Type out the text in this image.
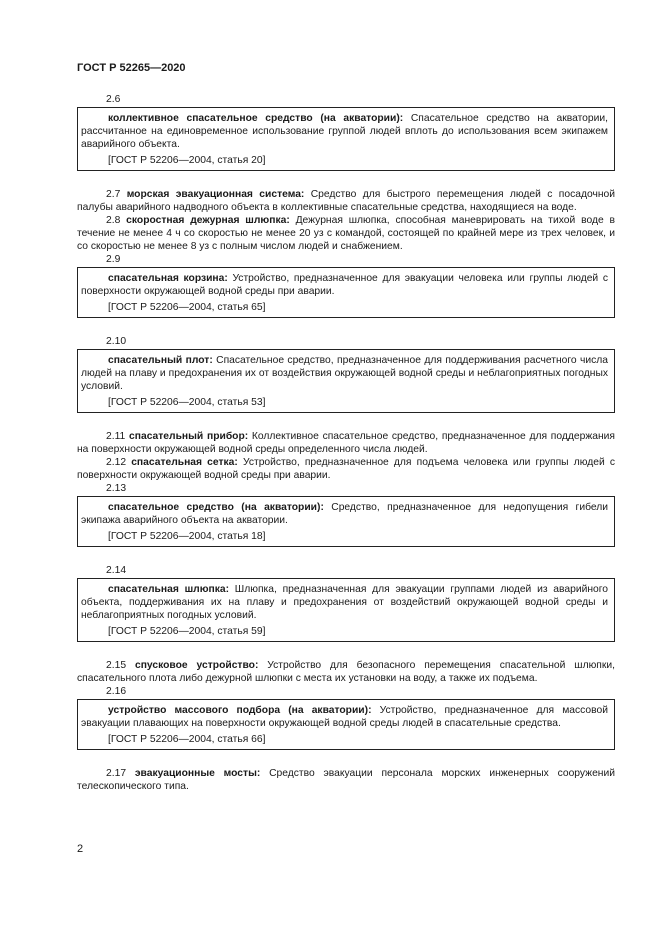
ГОСТ Р 52265—2020
2.6

коллективное спасательное средство (на акватории): Спасательное средство на акватории, рассчитанное на единовременное использование группой людей вплоть до использования всем экипажем аварийного объекта.

[ГОСТ Р 52206—2004, статья 20]

2.7 морская эвакуационная система: Средство для быстрого перемещения людей с посадочной палубы аварийного надводного объекта в коллективные спасательные средства, находящиеся на воде.

2.8 скоростная дежурная шлюпка: Дежурная шлюпка, способная маневрировать на тихой воде в течение не менее 4 ч со скоростью не менее 20 уз с командой, состоящей по крайней мере из трех человек, и со скоростью не менее 8 уз с полным числом людей и снабжением.

2.9

спасательная корзина: Устройство, предназначенное для эвакуации человека или группы людей с поверхности окружающей водной среды при аварии.

[ГОСТ Р 52206—2004, статья 65]

2.10

спасательный плот: Спасательное средство, предназначенное для поддерживания расчетного числа людей на плаву и предохранения их от воздействия окружающей водной среды и неблагоприятных погодных условий.

[ГОСТ Р 52206—2004, статья 53]

2.11 спасательный прибор: Коллективное спасательное средство, предназначенное для поддержания на поверхности окружающей водной среды определенного числа людей.

2.12 спасательная сетка: Устройство, предназначенное для подъема человека или группы людей с поверхности окружающей водной среды при аварии.

2.13

спасательное средство (на акватории): Средство, предназначенное для недопущения гибели экипажа аварийного объекта на акватории.

[ГОСТ Р 52206—2004, статья 18]

2.14

спасательная шлюпка: Шлюпка, предназначенная для эвакуации группами людей из аварийного объекта, поддерживания их на плаву и предохранения от воздействий окружающей водной среды и неблагоприятных погодных условий.

[ГОСТ Р 52206—2004, статья 59]

2.15 спусковое устройство: Устройство для безопасного перемещения спасательной шлюпки, спасательного плота либо дежурной шлюпки с места их установки на воду, а также их подъема.

2.16

устройство массового подбора (на акватории): Устройство, предназначенное для массовой эвакуации плавающих на поверхности окружающей водной среды людей в спасательные средства.

[ГОСТ Р 52206—2004, статья 66]

2.17 эвакуационные мосты: Средство эвакуации персонала морских инженерных сооружений телескопического типа.

2
